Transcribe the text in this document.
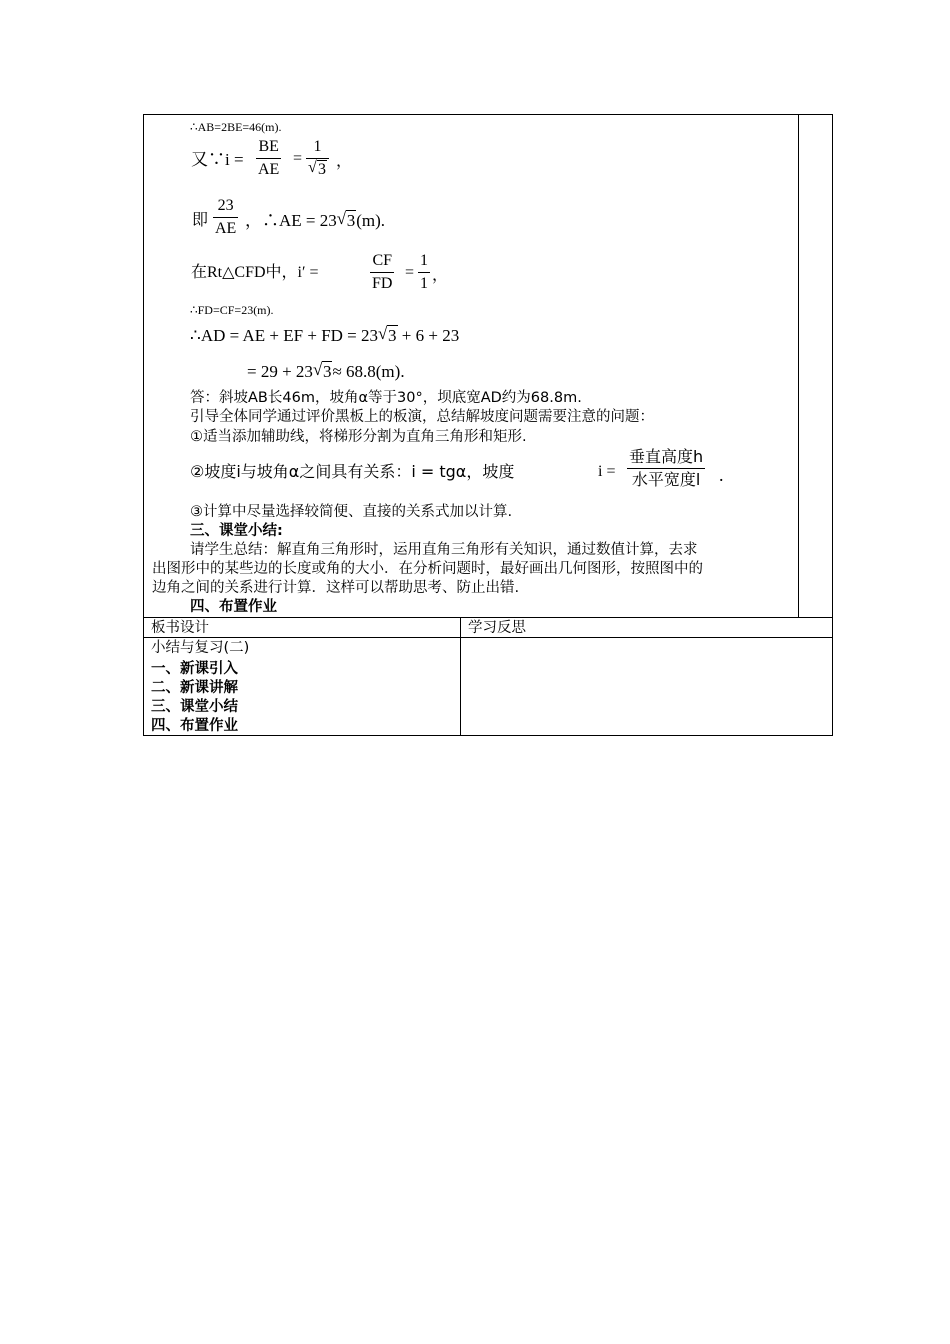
∴AB=2BE=46(m).
又∵i =
BE
AE
=
1
√ 3 ，
即
23
AE ，∴AE = 23 √ 3(m).
在Rt△CFD中，i′ =
CF
FD
=
1
1 ，
∴FD=CF=23(m).
∴AD = AE + EF + FD = 23 √ 3 + 6 + 23
= 29 + 23 √ 3≈ 68.8(m).
答：斜坡AB长46m，坡角α等于30°，坝底宽AD约为68.8m.
引导全体同学通过评价黑板上的板演，总结解坡度问题需要注意的问题：
①适当添加辅助线，将梯形分割为直角三角形和矩形.
②坡度i与坡角α之间具有关系：i = tgα，坡度	i =
垂直高度h
水平宽度l .
③计算中尽量选择较简便、直接的关系式加以计算.
三、课堂小结:
请学生总结：解直角三角形时，运用直角三角形有关知识，通过数值计算，去求
出图形中的某些边的长度或角的大小．在分析问题时，最好画出几何图形，按照图中的
边角之间的关系进行计算．这样可以帮助思考、防止出错.
四、布置作业
板书设计	学习反思
小结与复习(二)
一、新课引入
二、新课讲解
三、课堂小结
四、布置作业
